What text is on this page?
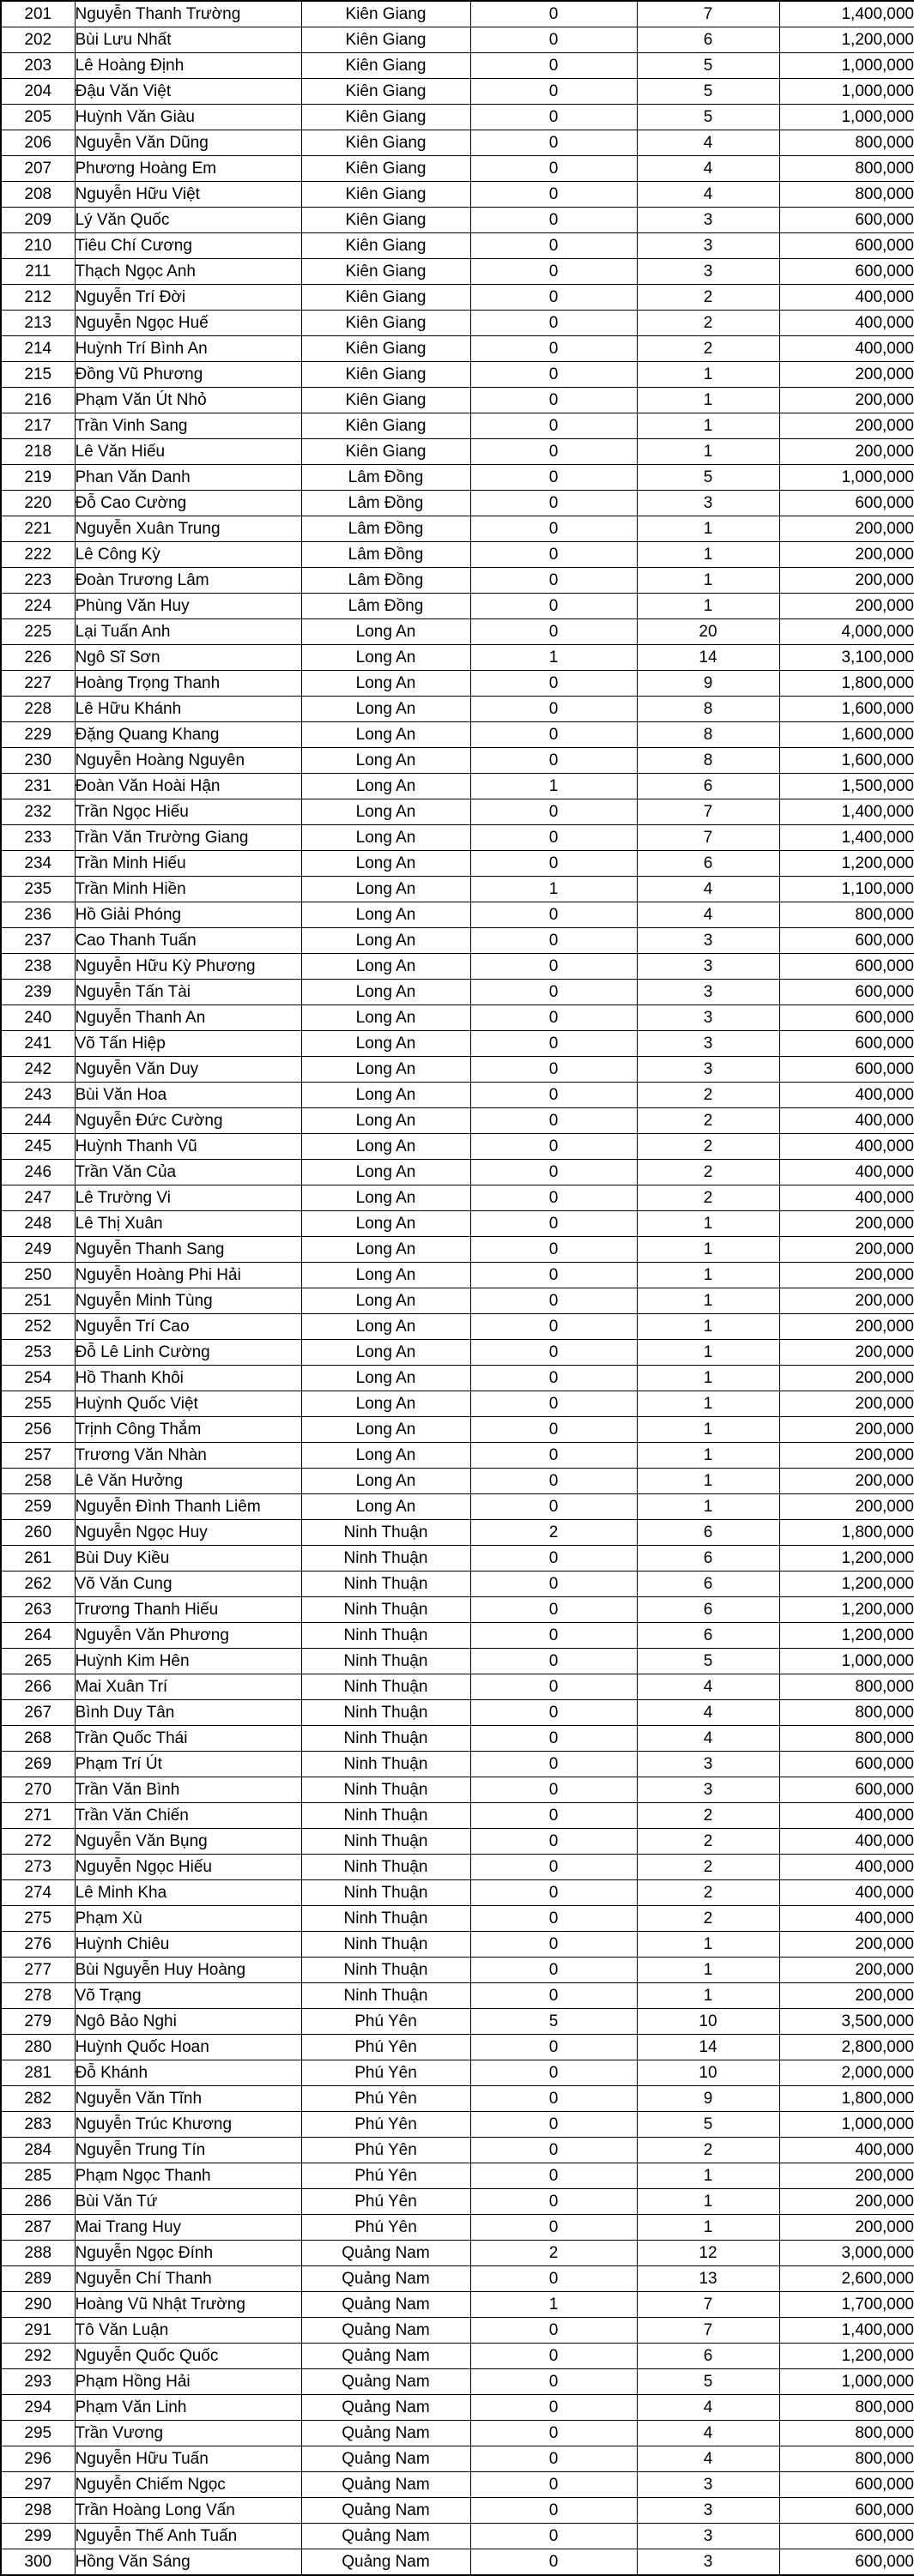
201	Nguyễn Thanh Trường	Kiên Giang	0	7	1,400,000
202	Bùi Lưu Nhất	Kiên Giang	0	6	1,200,000
203	Lê Hoàng Định	Kiên Giang	0	5	1,000,000
204	Đậu Văn Việt	Kiên Giang	0	5	1,000,000
205	Huỳnh Văn Giàu	Kiên Giang	0	5	1,000,000
206	Nguyễn Văn Dũng	Kiên Giang	0	4	800,000
207	Phương Hoàng Em	Kiên Giang	0	4	800,000
208	Nguyễn Hữu Việt	Kiên Giang	0	4	800,000
209	Lý Văn Quốc	Kiên Giang	0	3	600,000
210	Tiêu Chí Cương	Kiên Giang	0	3	600,000
211	Thạch Ngọc Anh	Kiên Giang	0	3	600,000
212	Nguyễn Trí Đời	Kiên Giang	0	2	400,000
213	Nguyễn Ngọc Huế	Kiên Giang	0	2	400,000
214	Huỳnh Trí Bình An	Kiên Giang	0	2	400,000
215	Đồng Vũ Phương	Kiên Giang	0	1	200,000
216	Phạm Văn Út Nhỏ	Kiên Giang	0	1	200,000
217	Trần Vinh Sang	Kiên Giang	0	1	200,000
218	Lê Văn Hiếu	Kiên Giang	0	1	200,000
219	Phan Văn Danh	Lâm Đồng	0	5	1,000,000
220	Đỗ Cao Cường	Lâm Đồng	0	3	600,000
221	Nguyễn Xuân Trung	Lâm Đồng	0	1	200,000
222	Lê Công Kỳ	Lâm Đồng	0	1	200,000
223	Đoàn Trương Lâm	Lâm Đồng	0	1	200,000
224	Phùng Văn Huy	Lâm Đồng	0	1	200,000
225	Lại Tuấn Anh	Long An	0	20	4,000,000
226	Ngô Sĩ Sơn	Long An	1	14	3,100,000
227	Hoàng Trọng Thanh	Long An	0	9	1,800,000
228	Lê Hữu Khánh	Long An	0	8	1,600,000
229	Đặng Quang Khang	Long An	0	8	1,600,000
230	Nguyễn Hoàng Nguyên	Long An	0	8	1,600,000
231	Đoàn Văn Hoài Hận	Long An	1	6	1,500,000
232	Trần Ngọc Hiếu	Long An	0	7	1,400,000
233	Trần Văn Trường Giang	Long An	0	7	1,400,000
234	Trần Minh Hiếu	Long An	0	6	1,200,000
235	Trần Minh Hiền	Long An	1	4	1,100,000
236	Hồ Giải Phóng	Long An	0	4	800,000
237	Cao Thanh Tuấn	Long An	0	3	600,000
238	Nguyễn Hữu Kỳ Phương	Long An	0	3	600,000
239	Nguyễn Tấn Tài	Long An	0	3	600,000
240	Nguyễn Thanh An	Long An	0	3	600,000
241	Võ Tấn Hiệp	Long An	0	3	600,000
242	Nguyễn Văn Duy	Long An	0	3	600,000
243	Bùi Văn Hoa	Long An	0	2	400,000
244	Nguyễn Đức Cường	Long An	0	2	400,000
245	Huỳnh Thanh Vũ	Long An	0	2	400,000
246	Trần Văn Của	Long An	0	2	400,000
247	Lê Trường Vi	Long An	0	2	400,000
248	Lê Thị Xuân	Long An	0	1	200,000
249	Nguyễn Thanh Sang	Long An	0	1	200,000
250	Nguyễn Hoàng Phi Hải	Long An	0	1	200,000
251	Nguyễn Minh Tùng	Long An	0	1	200,000
252	Nguyễn Trí Cao	Long An	0	1	200,000
253	Đỗ Lê Linh Cường	Long An	0	1	200,000
254	Hồ Thanh Khôi	Long An	0	1	200,000
255	Huỳnh Quốc Việt	Long An	0	1	200,000
256	Trịnh Công Thắm	Long An	0	1	200,000
257	Trương Văn Nhàn	Long An	0	1	200,000
258	Lê Văn Hưởng	Long An	0	1	200,000
259	Nguyễn Đình Thanh Liêm	Long An	0	1	200,000
260	Nguyễn Ngọc Huy	Ninh Thuận	2	6	1,800,000
261	Bùi Duy Kiều	Ninh Thuận	0	6	1,200,000
262	Võ Văn Cung	Ninh Thuận	0	6	1,200,000
263	Trương Thanh Hiếu	Ninh Thuận	0	6	1,200,000
264	Nguyễn Văn Phương	Ninh Thuận	0	6	1,200,000
265	Huỳnh Kim Hên	Ninh Thuận	0	5	1,000,000
266	Mai Xuân Trí	Ninh Thuận	0	4	800,000
267	Bình Duy Tân	Ninh Thuận	0	4	800,000
268	Trần Quốc Thái	Ninh Thuận	0	4	800,000
269	Phạm Trí Út	Ninh Thuận	0	3	600,000
270	Trần Văn Bình	Ninh Thuận	0	3	600,000
271	Trần Văn Chiến	Ninh Thuận	0	2	400,000
272	Nguyễn Văn Bụng	Ninh Thuận	0	2	400,000
273	Nguyễn Ngọc Hiếu	Ninh Thuận	0	2	400,000
274	Lê Minh Kha	Ninh Thuận	0	2	400,000
275	Phạm Xù	Ninh Thuận	0	2	400,000
276	Huỳnh Chiêu	Ninh Thuận	0	1	200,000
277	Bùi Nguyễn Huy Hoàng	Ninh Thuận	0	1	200,000
278	Võ Trạng	Ninh Thuận	0	1	200,000
279	Ngô Bảo Nghi	Phú Yên	5	10	3,500,000
280	Huỳnh Quốc Hoan	Phú Yên	0	14	2,800,000
281	Đỗ Khánh	Phú Yên	0	10	2,000,000
282	Nguyễn Văn Tĩnh	Phú Yên	0	9	1,800,000
283	Nguyễn Trúc Khương	Phú Yên	0	5	1,000,000
284	Nguyễn Trung Tín	Phú Yên	0	2	400,000
285	Phạm Ngọc Thanh	Phú Yên	0	1	200,000
286	Bùi Văn Tứ	Phú Yên	0	1	200,000
287	Mai Trang Huy	Phú Yên	0	1	200,000
288	Nguyễn Ngọc Đính	Quảng Nam	2	12	3,000,000
289	Nguyễn Chí Thanh	Quảng Nam	0	13	2,600,000
290	Hoàng Vũ Nhật Trường	Quảng Nam	1	7	1,700,000
291	Tô Văn Luận	Quảng Nam	0	7	1,400,000
292	Nguyễn Quốc Quốc	Quảng Nam	0	6	1,200,000
293	Phạm Hồng Hải	Quảng Nam	0	5	1,000,000
294	Phạm Văn Linh	Quảng Nam	0	4	800,000
295	Trần Vương	Quảng Nam	0	4	800,000
296	Nguyễn Hữu Tuấn	Quảng Nam	0	4	800,000
297	Nguyễn Chiếm Ngọc	Quảng Nam	0	3	600,000
298	Trần Hoàng Long Vấn	Quảng Nam	0	3	600,000
299	Nguyễn Thế Anh Tuấn	Quảng Nam	0	3	600,000
300	Hồng Văn Sáng	Quảng Nam	0	3	600,000
